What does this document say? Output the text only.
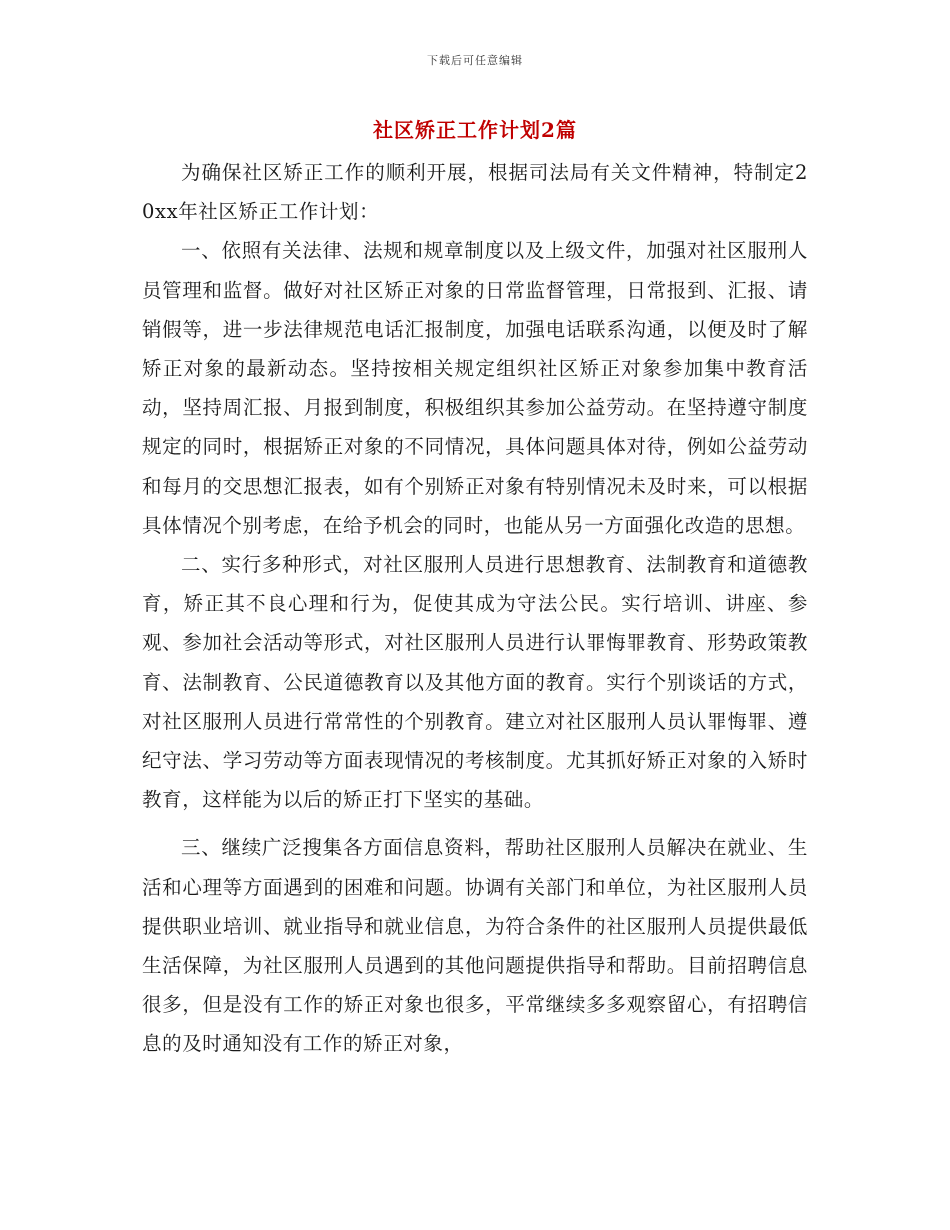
下载后可任意编辑
社区矫正工作计划2篇

为确保社区矫正工作的顺利开展，根据司法局有关文件精神，特制定20xx年社区矫正工作计划：

一、依照有关法律、法规和规章制度以及上级文件，加强对社区服刑人员管理和监督。做好对社区矫正对象的日常监督管理，日常报到、汇报、请销假等，进一步法律规范电话汇报制度，加强电话联系沟通，以便及时了解矫正对象的最新动态。坚持按相关规定组织社区矫正对象参加集中教育活动，坚持周汇报、月报到制度，积极组织其参加公益劳动。在坚持遵守制度规定的同时，根据矫正对象的不同情况，具体问题具体对待，例如公益劳动和每月的交思想汇报表，如有个别矫正对象有特别情况未及时来，可以根据具体情况个别考虑，在给予机会的同时，也能从另一方面强化改造的思想。

二、实行多种形式，对社区服刑人员进行思想教育、法制教育和道德教育，矫正其不良心理和行为，促使其成为守法公民。实行培训、讲座、参观、参加社会活动等形式，对社区服刑人员进行认罪悔罪教育、形势政策教育、法制教育、公民道德教育以及其他方面的教育。实行个别谈话的方式，对社区服刑人员进行常常性的个别教育。建立对社区服刑人员认罪悔罪、遵纪守法、学习劳动等方面表现情况的考核制度。尤其抓好矫正对象的入矫时教育，这样能为以后的矫正打下坚实的基础。

三、继续广泛搜集各方面信息资料，帮助社区服刑人员解决在就业、生活和心理等方面遇到的困难和问题。协调有关部门和单位，为社区服刑人员提供职业培训、就业指导和就业信息，为符合条件的社区服刑人员提供最低生活保障，为社区服刑人员遇到的其他问题提供指导和帮助。目前招聘信息很多，但是没有工作的矫正对象也很多，平常继续多多观察留心，有招聘信息的及时通知没有工作的矫正对象，
